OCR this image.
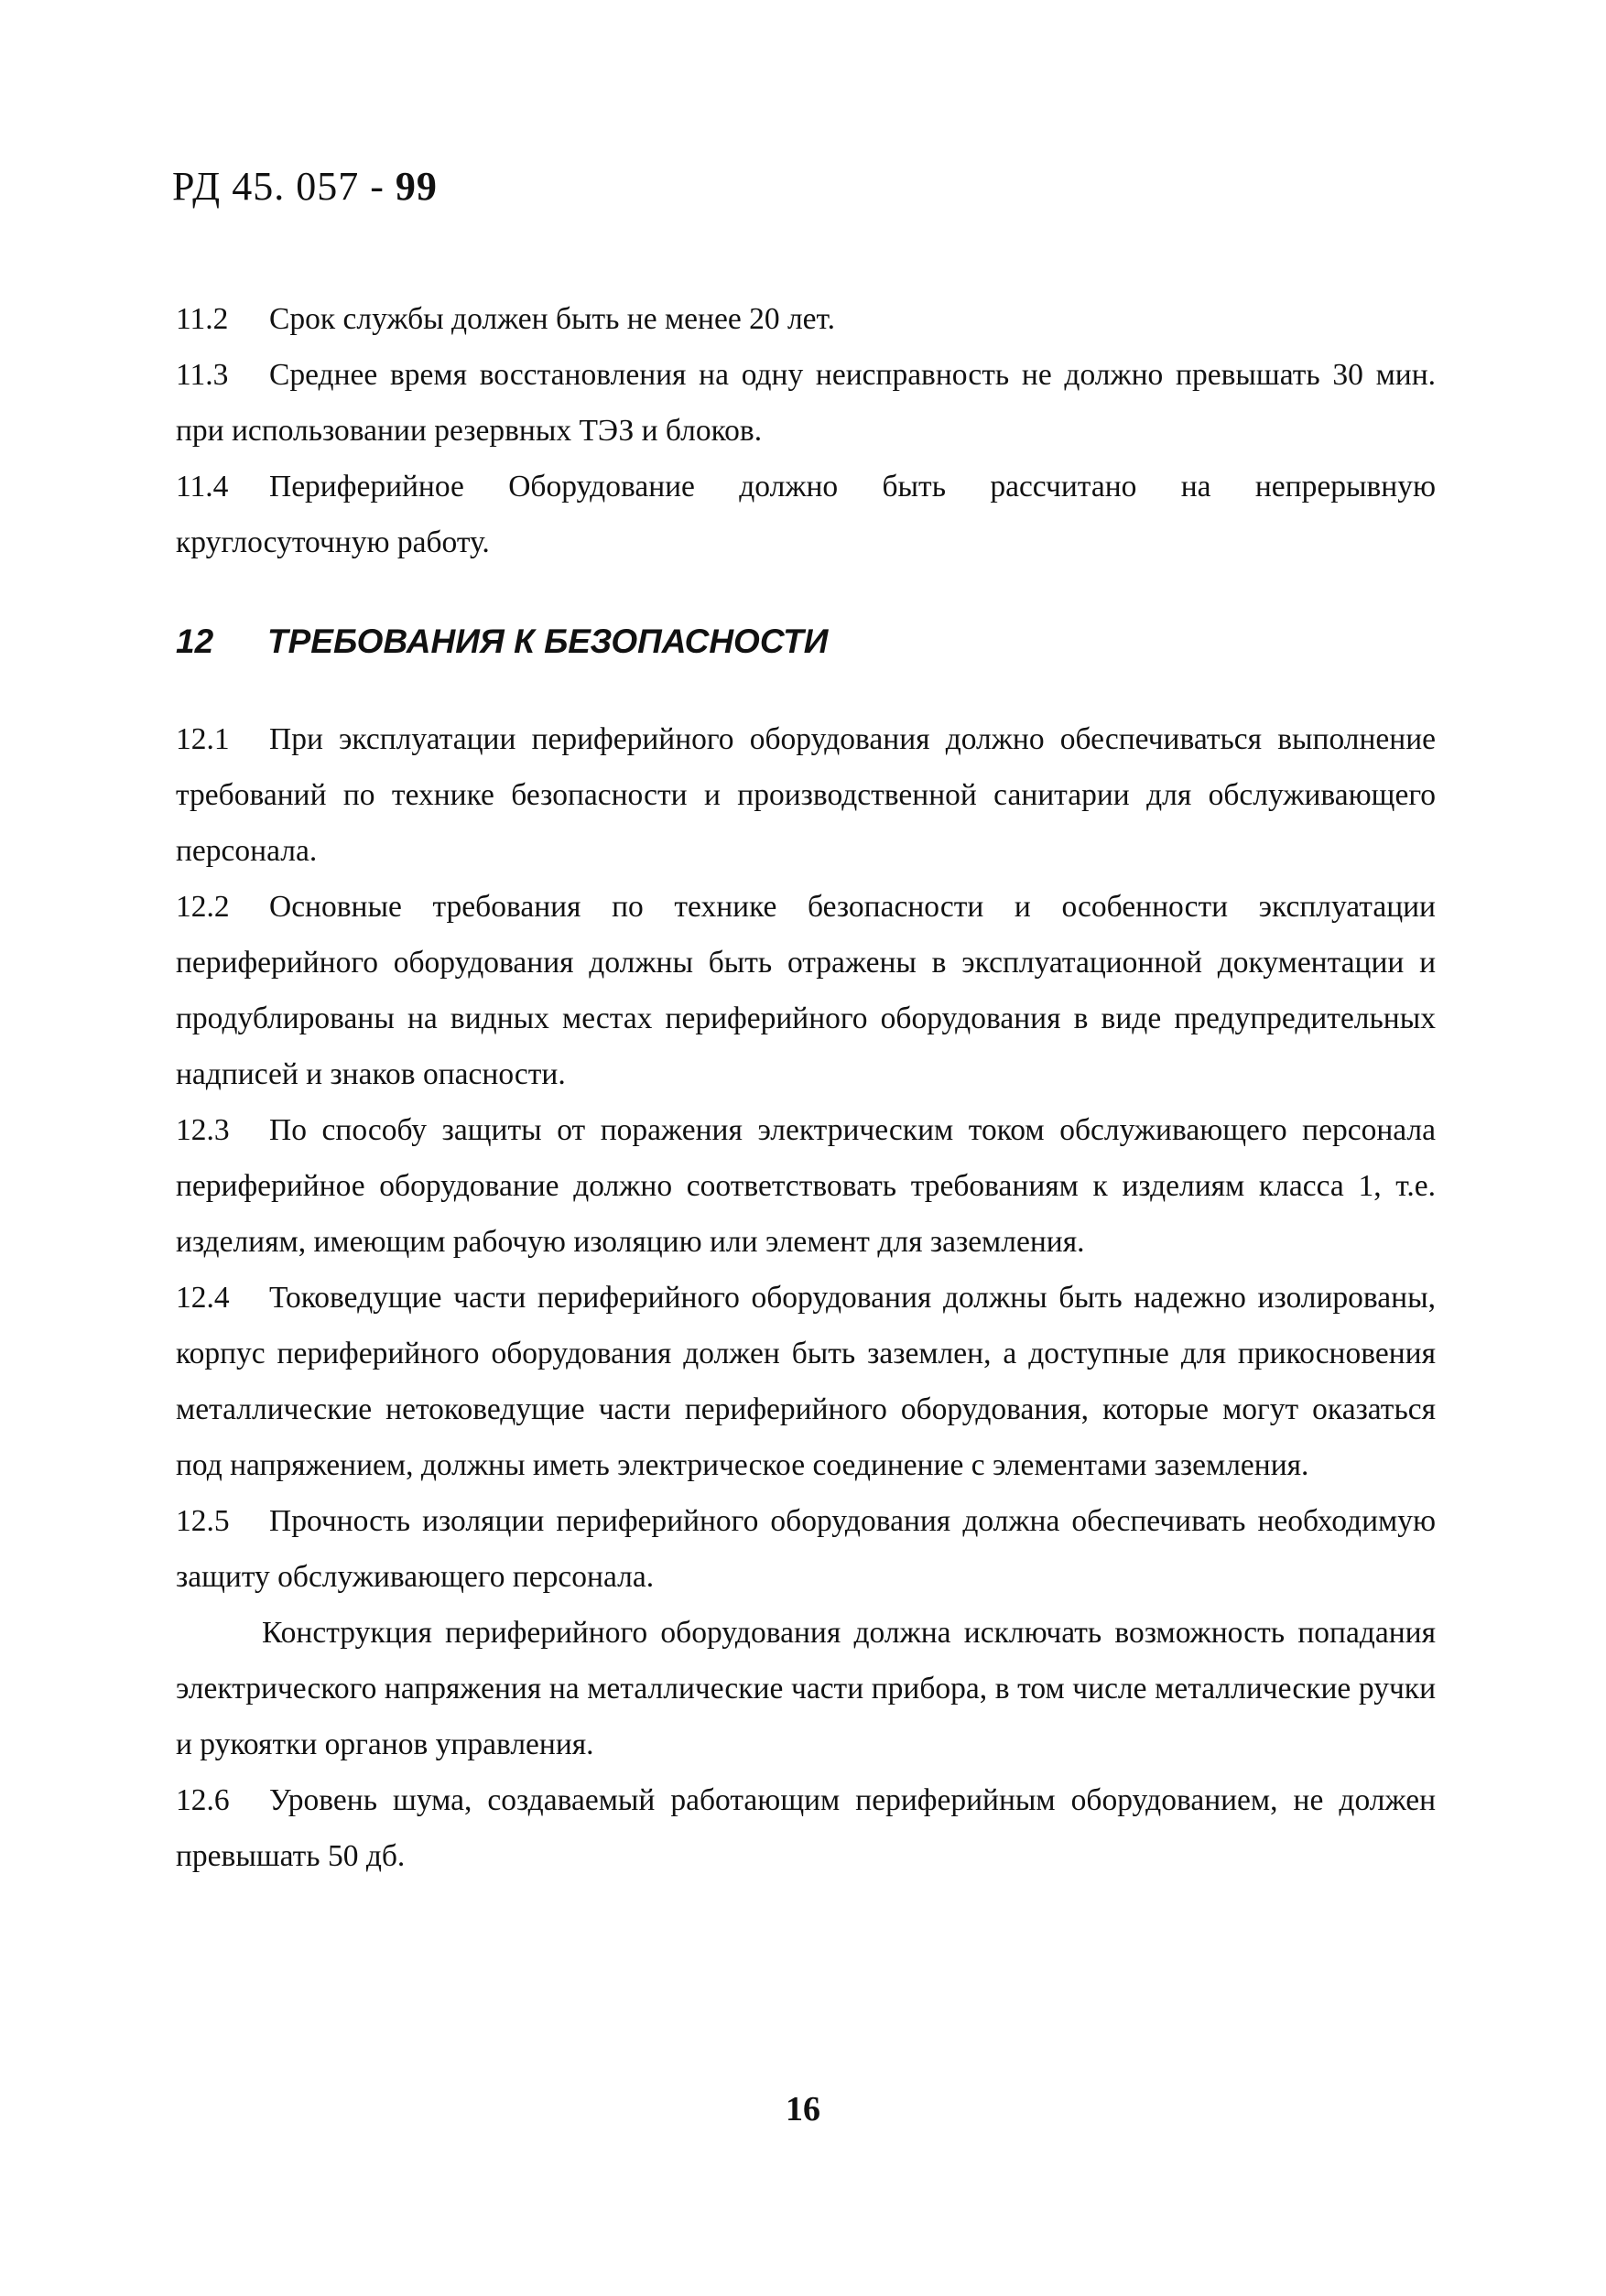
РД 45. 057 - 99

11.2 Срок службы должен быть не менее 20 лет.

11.3 Среднее время восстановления на одну неисправность не должно превышать 30 мин. при использовании резервных ТЭЗ и блоков.

11.4 Периферийное Оборудование должно быть рассчитано на непрерывную круглосуточную работу.

12 ТРЕБОВАНИЯ К БЕЗОПАСНОСТИ

12.1 При эксплуатации периферийного оборудования должно обеспечиваться выполнение требований по технике безопасности и производственной санитарии для обслуживающего персонала.

12.2 Основные требования по технике безопасности и особенности эксплуатации периферийного оборудования должны быть отражены в эксплуатационной документации и продублированы на видных местах периферийного оборудования в виде предупредительных надписей и знаков опасности.

12.3 По способу защиты от поражения электрическим током обслуживающего персонала периферийное оборудование должно соответствовать требованиям к изделиям класса 1, т.е. изделиям, имеющим рабочую изоляцию или элемент для заземления.

12.4 Токоведущие части периферийного оборудования должны быть надежно изолированы, корпус периферийного оборудования должен быть заземлен, а доступные для прикосновения металлические нетоковедущие части периферийного оборудования, которые могут оказаться под напряжением, должны иметь электрическое соединение с элементами заземления.

12.5 Прочность изоляции периферийного оборудования должна обеспечивать необходимую защиту обслуживающего персонала.

Конструкция периферийного оборудования должна исключать возможность попадания электрического напряжения на металлические части прибора, в том числе металлические ручки и рукоятки органов управления.

12.6 Уровень шума, создаваемый работающим периферийным оборудованием, не должен превышать 50 дб.

16
